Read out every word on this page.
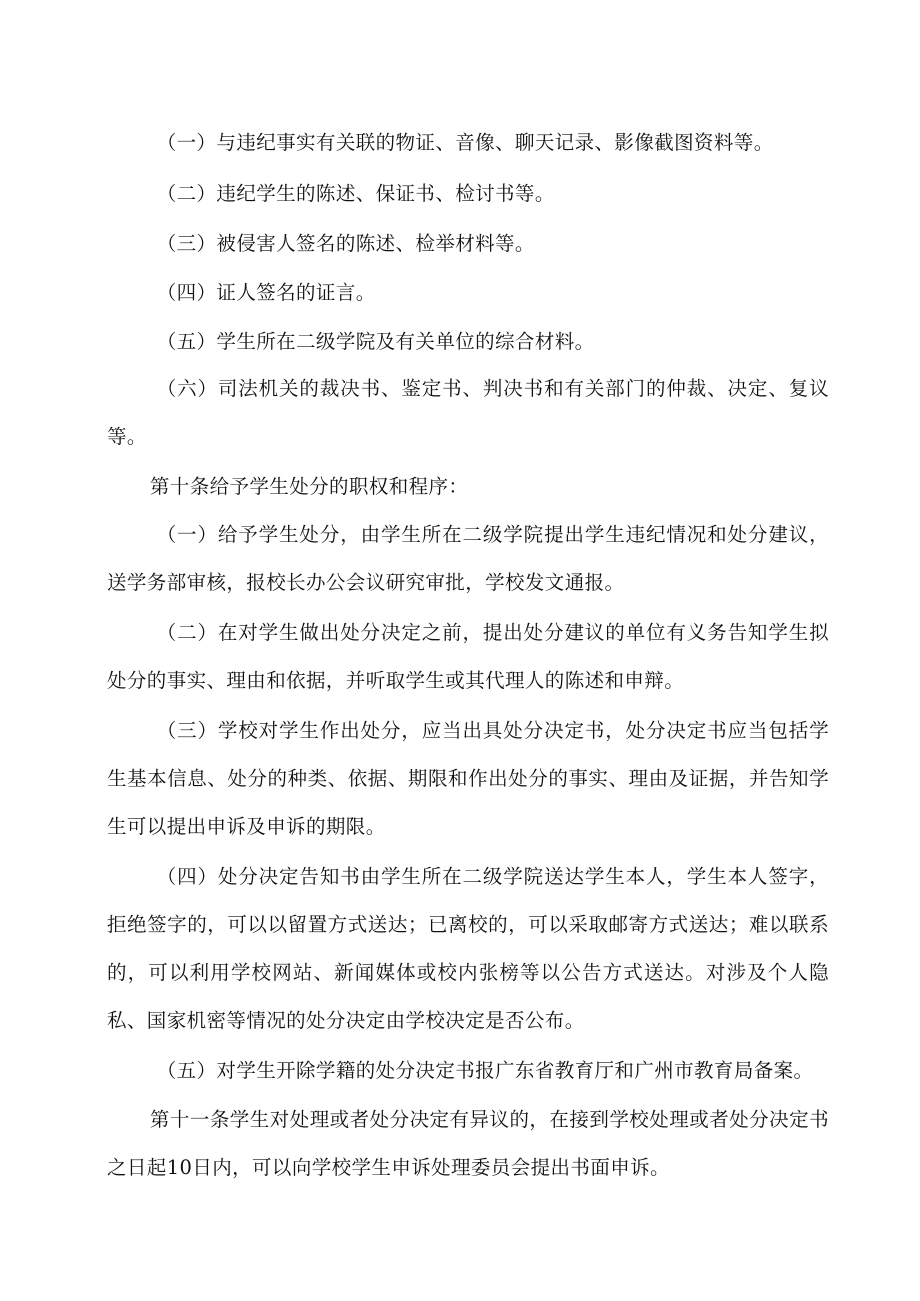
（一）与违纪事实有关联的物证、音像、聊天记录、影像截图资料等。

（二）违纪学生的陈述、保证书、检讨书等。

（三）被侵害人签名的陈述、检举材料等。

（四）证人签名的证言。

（五）学生所在二级学院及有关单位的综合材料。

（六）司法机关的裁决书、鉴定书、判决书和有关部门的仲裁、决定、复议等。

第十条给予学生处分的职权和程序：

（一）给予学生处分，由学生所在二级学院提出学生违纪情况和处分建议，送学务部审核，报校长办公会议研究审批，学校发文通报。

（二）在对学生做出处分决定之前，提出处分建议的单位有义务告知学生拟处分的事实、理由和依据，并听取学生或其代理人的陈述和申辩。

（三）学校对学生作出处分，应当出具处分决定书，处分决定书应当包括学生基本信息、处分的种类、依据、期限和作出处分的事实、理由及证据，并告知学生可以提出申诉及申诉的期限。

（四）处分决定告知书由学生所在二级学院送达学生本人，学生本人签字，拒绝签字的，可以以留置方式送达；已离校的，可以采取邮寄方式送达；难以联系的，可以利用学校网站、新闻媒体或校内张榜等以公告方式送达。对涉及个人隐私、国家机密等情况的处分决定由学校决定是否公布。

（五）对学生开除学籍的处分决定书报广东省教育厅和广州市教育局备案。

第十一条学生对处理或者处分决定有异议的，在接到学校处理或者处分决定书之日起10日内，可以向学校学生申诉处理委员会提出书面申诉。
